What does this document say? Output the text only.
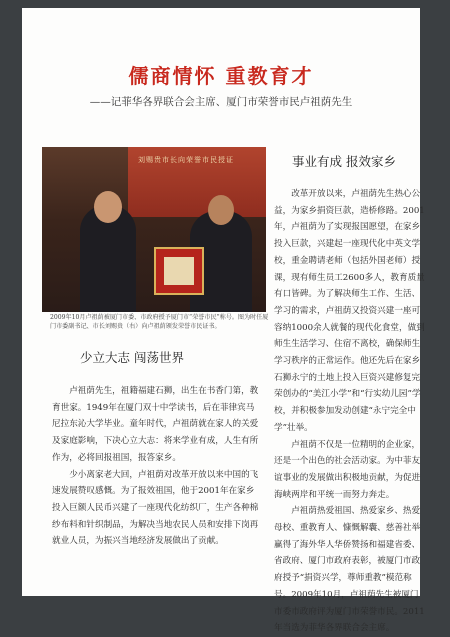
儒商情怀 重教育才
——记菲华各界联合会主席、厦门市荣誉市民卢祖荫先生
刘赐贵市长向荣誉市民授证
2009年10月卢祖荫被厦门市委、市政府授予厦门市“荣誉市民”称号。图为时任厦门市委副书记、市长刘赐贵（右）向卢祖荫颁发荣誉市民证书。
少立大志 闯荡世界

卢祖荫先生，祖籍福建石狮，出生在书香门第，教育世家。1949年在厦门双十中学读书，后在菲律宾马尼拉东沁大学毕业。童年时代，卢祖荫就在家人的关爱及家庭影响，下决心立大志：将来学业有成，人生有所作为，必将回报祖国，报答家乡。

少小离家老大回，卢祖荫对改革开放以来中国的飞速发展赞叹感慨。为了报效祖国，他于2001年在家乡投入巨额人民币兴建了一座现代化纺织厂，生产各种棉纱布料和针织制品，为解决当地农民人员和安排下岗再就业人员，为振兴当地经济发展做出了贡献。

事业有成 报效家乡

改革开放以来，卢祖荫先生热心公益，为家乡捐资巨款，造桥修路。2001年，卢祖荫为了实现报国愿望，在家乡投入巨款，兴建起一座现代化中英文学校，重金聘请老师（包括外国老师）授课，现有师生员工2600多人，教育质量有口皆碑。为了解决师生工作、生活、学习的需求，卢祖荫又投资兴建一座可容纳1000余人就餐的现代化食堂，做到师生生活学习、住宿不离校，确保师生学习秩序的正常运作。他还先后在家乡石狮永宁的土地上投入巨资兴建修复完荣创办的“美江小学”和“行实幼儿园”学校，并积极参加发动创建“永宁完全中学”壮举。

卢祖荫不仅是一位精明的企业家，还是一个出色的社会活动家。为中菲友谊事业的发展做出积极地贡献，为促进海峡两岸和平统一而努力奔走。

卢祖荫热爱祖国、热爱家乡、热爱母校、重教育人、慷慨解囊、慈善社举赢得了海外华人华侨赞扬和福建省委、省政府、厦门市政府表彰，被厦门市政府授予“捐资兴学，尊师重教”模范称号。2009年10月，卢祖荫先生被厦门市委市政府评为厦门市荣誉市民。2011年当选为菲华各界联合会主席。
